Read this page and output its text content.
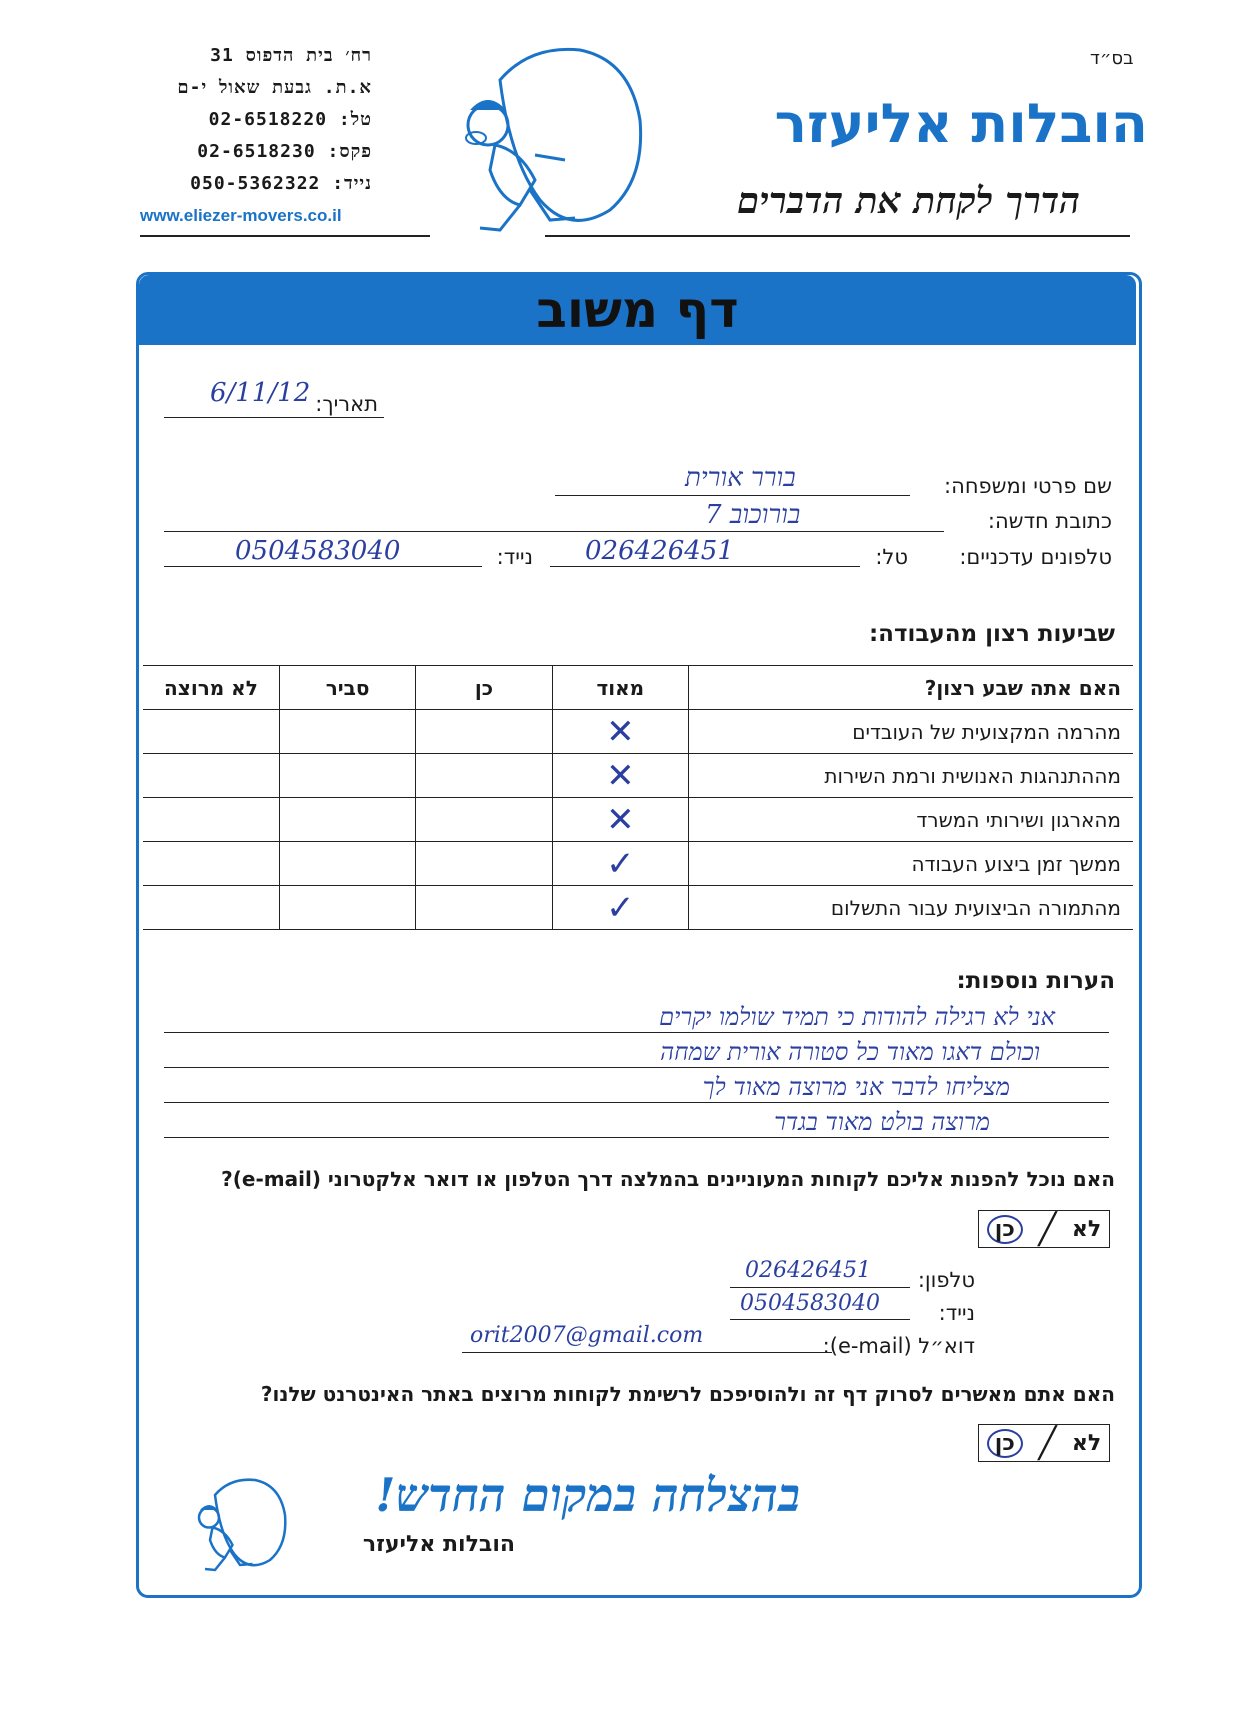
בס״ד
רח׳ בית הדפוס 31
א.ת. גבעת שאול י-ם
טל: 02-6518220
פקס: 02-6518230
נייד: 050-5362322
www.eliezer-movers.co.il
הובלות אליעזר
הדרך לקחת את הדברים
דף משוב
תאריך:
6/11/12
שם פרטי ומשפחה:
בורר אורית
כתובת חדשה:
בורוכוב 7
טלפונים עדכניים:
טל:
026426451
נייד:
0504583040
שביעות רצון מהעבודה:
האם אתה שבע רצון?	מאוד	כן	סביר	לא מרוצה
מהרמה המקצועית של העובדים	✕			
מההתנהגות האנושית ורמת השירות	✕			
מהארגון ושירותי המשרד	✕			
ממשך זמן ביצוע העבודה	✓			
מהתמורה הביצועית עבור התשלום	✓			
הערות נוספות:
אני לא רגילה להודות כי תמיד שולמו יקרים
וכולם דאגו מאוד כל סטורה אורית שמחה
מצליחו לדבר אני מרוצה מאוד לך
מרוצה בולט מאוד בגדר
האם נוכל להפנות אליכם לקוחות המעוניינים בהמלצה דרך הטלפון או דואר אלקטרוני (e-mail)?
לא
╱
כן
טלפון:
026426451
נייד:
0504583040
דוא״ל (e-mail):
orit2007@gmail.com
האם אתם מאשרים לסרוק דף זה ולהוסיפכם לרשימת לקוחות מרוצים באתר האינטרנט שלנו?
לא
╱
כן
בהצלחה במקום החדש!
הובלות אליעזר
